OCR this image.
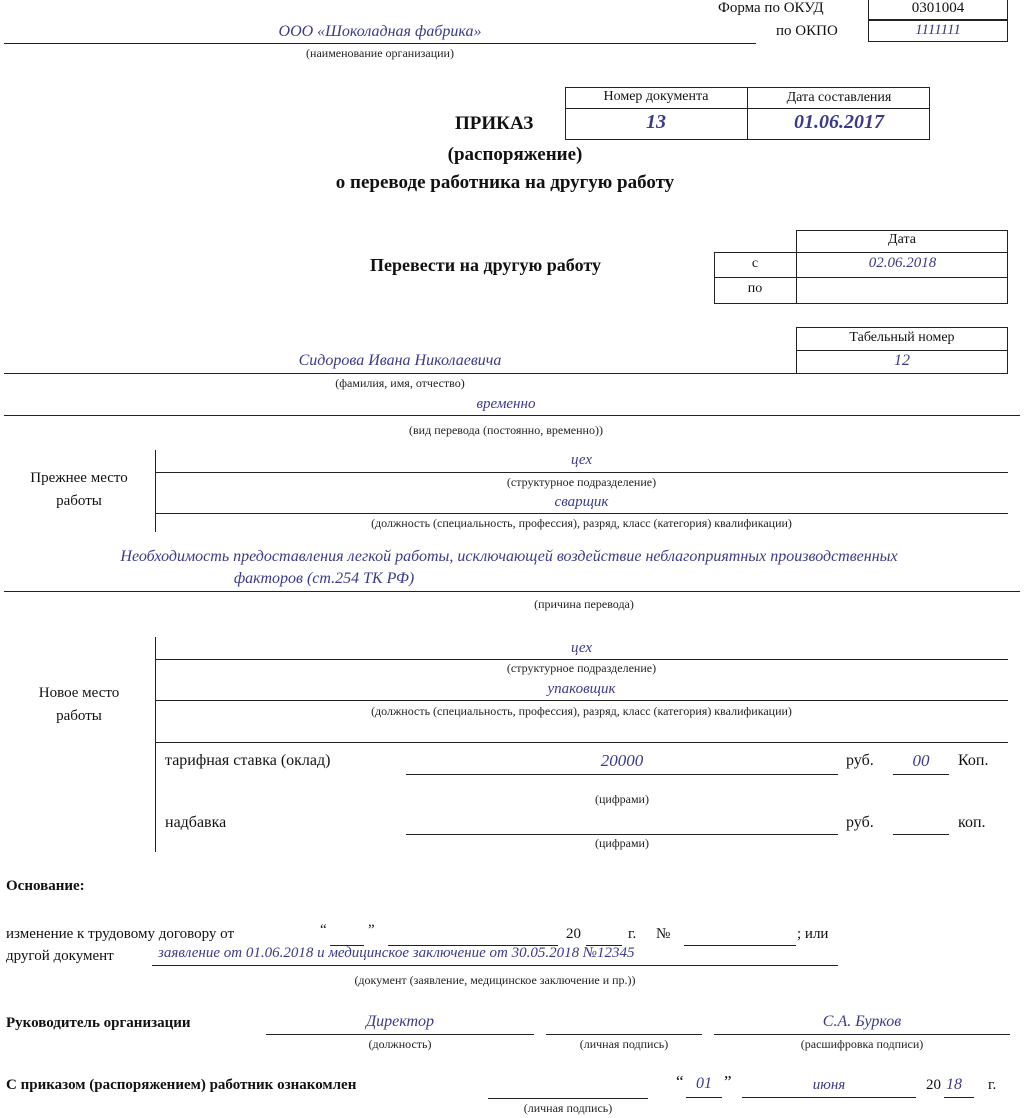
Форма по ОКУД	0301004
по ОКПО	1111111
ООО «Шоколадная фабрика»
(наименование организации)
Номер документа	Дата составления
13	01.06.2017
ПРИКАЗ
(распоряжение)
о переводе работника на другую работу
Перевести на другую работу
Дата
с	02.06.2018
по
Табельный номер
12
Сидорова Ивана Николаевича
(фамилия, имя, отчество)
временно
(вид перевода (постоянно, временно))
Прежнее место
работы
цех
(структурное подразделение)
сварщик
(должность (специальность, профессия), разряд, класс (категория) квалификации)
Необходимость предоставления легкой работы, исключающей воздействие неблагоприятных производственных
факторов (ст.254 ТК РФ)
(причина перевода)
Новое место
работы
цех
(структурное подразделение)
упаковщик
(должность (специальность, профессия), разряд, класс (категория) квалификации)
тарифная ставка (оклад)	20000	руб.	00	Коп.
(цифрами)
надбавка	руб.	коп.
(цифрами)
Основание:
изменение к трудовому договору от	“	”	20	г. №	; или
другой документ	заявление от 01.06.2018 и медицинское заключение от 30.05.2018 №12345
(документ (заявление, медицинское заключение и пр.))
Руководитель организации	Директор
(должность)	(личная подпись)
С.А. Бурков
(расшифровка подписи)
С приказом (распоряжением) работник ознакомлен
(личная подпись)
“ 01 ”	июня	20 18 г.
